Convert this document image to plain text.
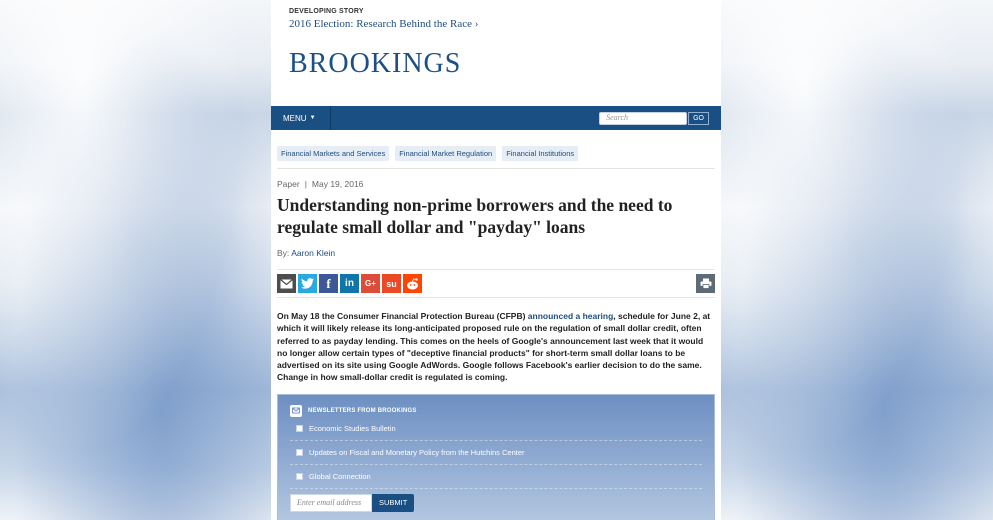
DEVELOPING STORY
2016 Election: Research Behind the Race ›
BROOKINGS
MENU ▼	Search	GO
Financial Markets and Services	Financial Market Regulation	Financial Institutions
Paper | May 19, 2016
Understanding non-prime borrowers and the need to regulate small dollar and "payday" loans
By: Aaron Klein
f	in	G+	su

On May 18 the Consumer Financial Protection Bureau (CFPB) announced a hearing, schedule for June 2, at which it will likely release its long-anticipated proposed rule on the regulation of small dollar credit, often referred to as payday lending. This comes on the heels of Google's announcement last week that it would no longer allow certain types of "deceptive financial products" for short-term small dollar loans to be advertised on its site using Google AdWords. Google follows Facebook's earlier decision to do the same. Change in how small-dollar credit is regulated is coming.

NEWSLETTERS FROM BROOKINGS
Economic Studies Bulletin
Updates on Fiscal and Monetary Policy from the Hutchins Center
Global Connection
Enter email address	SUBMIT
